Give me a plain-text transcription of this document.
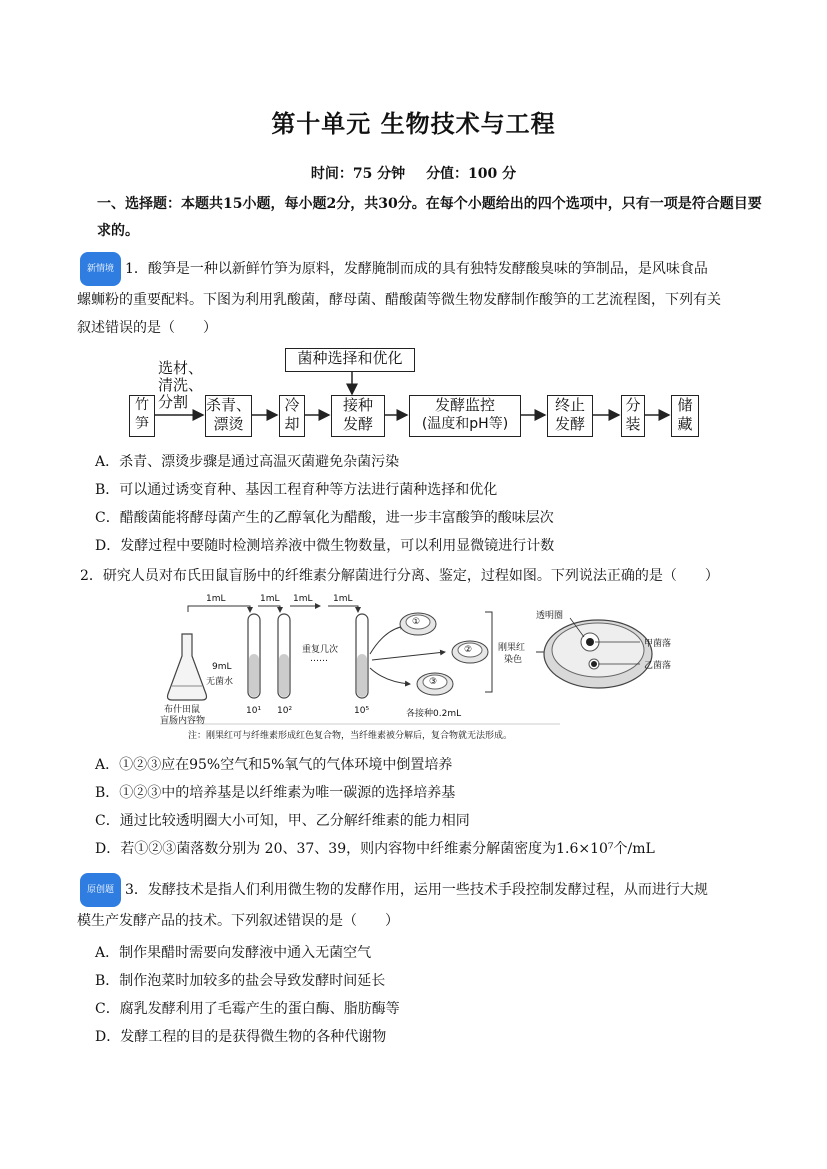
第十单元 生物技术与工程
时间：75 分钟 分值：100 分
一、选择题：本题共15小题，每小题2分，共30分。在每个小题给出的四个选项中，只有一项是符合题目要求的。
新情境 1．酸笋是一种以新鲜竹笋为原料，发酵腌制而成的具有独特发酵酸臭味的笋制品，是风味食品
螺蛳粉的重要配料。下图为利用乳酸菌，酵母菌、醋酸菌等微生物发酵制作酸笋的工艺流程图，下列有关
叙述错误的是（　　）
菌种选择和优化
竹笋
选材、清洗、分割	杀青、漂烫
冷却
接种发酵
发酵监控
(温度和pH等)
终止发酵
分装
储藏
A．杀青、漂烫步骤是通过高温灭菌避免杂菌污染
B．可以通过诱变育种、基因工程育种等方法进行菌种选择和优化
C．醋酸菌能将酵母菌产生的乙醇氧化为醋酸，进一步丰富酸笋的酸味层次
D．发酵过程中要随时检测培养液中微生物数量，可以利用显微镜进行计数
2．研究人员对布氏田鼠盲肠中的纤维素分解菌进行分离、鉴定，过程如图。下列说法正确的是（　　）
1mL	1mL 1mL 1mL
9mL
无菌水
重复几次
……
布什田鼠
盲肠内容物
10¹ 10²	10⁵
①
②
③
各接种0.2mL
刚果红
染色
透明圈
甲菌落
乙菌落
注：刚果红可与纤维素形成红色复合物，当纤维素被分解后，复合物就无法形成。
A．①②③应在95%空气和5%氧气的气体环境中倒置培养
B．①②③中的培养基是以纤维素为唯一碳源的选择培养基
C．通过比较透明圈大小可知，甲、乙分解纤维素的能力相同
D．若①②③菌落数分别为 20、37、39，则内容物中纤维素分解菌密度为1.6×10⁷个/mL
原创题 3．发酵技术是指人们利用微生物的发酵作用，运用一些技术手段控制发酵过程，从而进行大规
模生产发酵产品的技术。下列叙述错误的是（　　）
A．制作果醋时需要向发酵液中通入无菌空气
B．制作泡菜时加较多的盐会导致发酵时间延长
C．腐乳发酵利用了毛霉产生的蛋白酶、脂肪酶等
D．发酵工程的目的是获得微生物的各种代谢物
